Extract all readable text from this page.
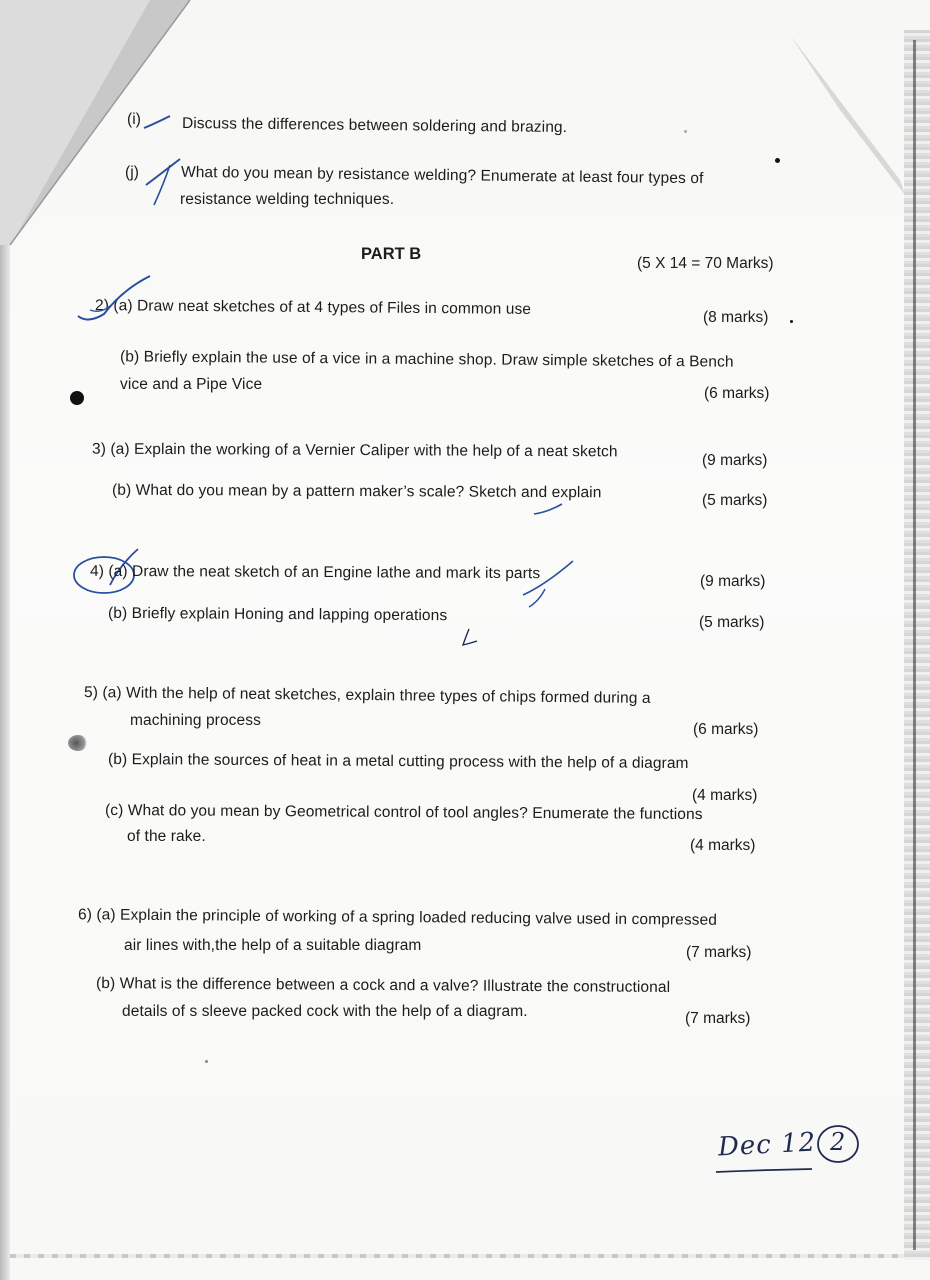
(i)	Discuss the differences between soldering and brazing.
(j)	What do you mean by resistance welding? Enumerate at least four types of
resistance welding techniques.
PART B
(5 X 14 = 70 Marks)
2) (a) Draw neat sketches of at 4 types of Files in common use	(8 marks)
(b) Briefly explain the use of a vice in a machine shop. Draw simple sketches of a Bench
vice and a Pipe Vice
(6 marks)
3) (a) Explain the working of a Vernier Caliper with the help of a neat sketch
(9 marks)
(b) What do you mean by a pattern maker’s scale? Sketch and explain	(5 marks)
4) (a) Draw the neat sketch of an Engine lathe and mark its parts	(9 marks)
(b) Briefly explain Honing and lapping operations	(5 marks)
5) (a) With the help of neat sketches, explain three types of chips formed during a
machining process
(6 marks)
(b) Explain the sources of heat in a metal cutting process with the help of a diagram
(4 marks)
(c) What do you mean by Geometrical control of tool angles? Enumerate the functions
of the rake.
(4 marks)
6) (a) Explain the principle of working of a spring loaded reducing valve used in compressed
air lines with,the help of a suitable diagram	(7 marks)
(b) What is the difference between a cock and a valve? Illustrate the constructional
details of s sleeve packed cock with the help of a diagram.	(7 marks)
Dec 12 2
